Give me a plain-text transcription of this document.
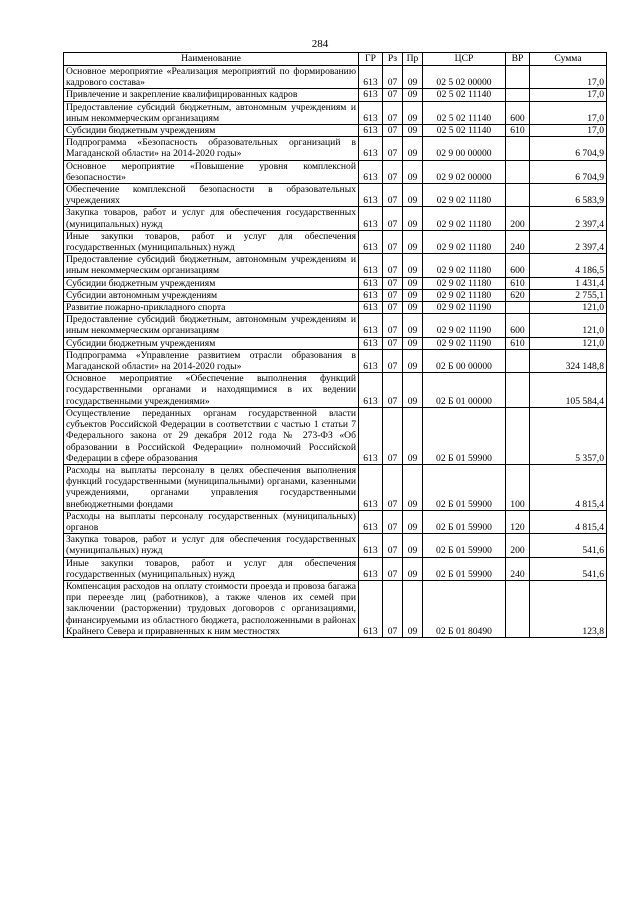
284
Наименование	ГР	Рз	Пр	ЦСР	ВР	Сумма
Основное мероприятие «Реализация мероприятий по формированию кадрового состава»	613	07	09	02 5 02 00000		17,0
Привлечение и закрепление квалифицированных кадров	613	07	09	02 5 02 11140		17,0
Предоставление субсидий бюджетным, автономным учреждениям и иным некоммерческим организациям	613	07	09	02 5 02 11140	600	17,0
Субсидии бюджетным учреждениям	613	07	09	02 5 02 11140	610	17,0
Подпрограмма «Безопасность образовательных организаций в Магаданской области» на 2014-2020 годы»	613	07	09	02 9 00 00000		6 704,9
Основное мероприятие «Повышение уровня комплексной безопасности»	613	07	09	02 9 02 00000		6 704,9
Обеспечение комплексной безопасности в образовательных учреждениях	613	07	09	02 9 02 11180		6 583,9
Закупка товаров, работ и услуг для обеспечения государственных (муниципальных) нужд	613	07	09	02 9 02 11180	200	2 397,4
Иные закупки товаров, работ и услуг для обеспечения государственных (муниципальных) нужд	613	07	09	02 9 02 11180	240	2 397,4
Предоставление субсидий бюджетным, автономным учреждениям и иным некоммерческим организациям	613	07	09	02 9 02 11180	600	4 186,5
Субсидии бюджетным учреждениям	613	07	09	02 9 02 11180	610	1 431,4
Субсидии автономным учреждениям	613	07	09	02 9 02 11180	620	2 755,1
Развитие пожарно-прикладного спорта	613	07	09	02 9 02 11190		121,0
Предоставление субсидий бюджетным, автономным учреждениям и иным некоммерческим организациям	613	07	09	02 9 02 11190	600	121,0
Субсидии бюджетным учреждениям	613	07	09	02 9 02 11190	610	121,0
Подпрограмма «Управление развитием отрасли образования в Магаданской области» на 2014-2020 годы»	613	07	09	02 Б 00 00000		324 148,8
Основное мероприятие «Обеспечение выполнения функций государственными органами и находящимися в их ведении государственными учреждениями»	613	07	09	02 Б 01 00000		105 584,4
Осуществление переданных органам государственной власти субъектов Российской Федерации в соответствии с частью 1 статьи 7 Федерального закона от 29 декабря 2012 года № 273-ФЗ «Об образовании в Российской Федерации» полномочий Российской Федерации в сфере образования	613	07	09	02 Б 01 59900		5 357,0
Расходы на выплаты персоналу в целях обеспечения выполнения функций государственными (муниципальными) органами, казенными учреждениями, органами управления государственными внебюджетными фондами	613	07	09	02 Б 01 59900	100	4 815,4
Расходы на выплаты персоналу государственных (муниципальных) органов	613	07	09	02 Б 01 59900	120	4 815,4
Закупка товаров, работ и услуг для обеспечения государственных (муниципальных) нужд	613	07	09	02 Б 01 59900	200	541,6
Иные закупки товаров, работ и услуг для обеспечения государственных (муниципальных) нужд	613	07	09	02 Б 01 59900	240	541,6
Компенсация расходов на оплату стоимости проезда и провоза багажа при переезде лиц (работников), а также членов их семей при заключении (расторжении) трудовых договоров с организациями, финансируемыми из областного бюджета, расположенными в районах Крайнего Севера и приравненных к ним местностях	613	07	09	02 Б 01 80490		123,8
